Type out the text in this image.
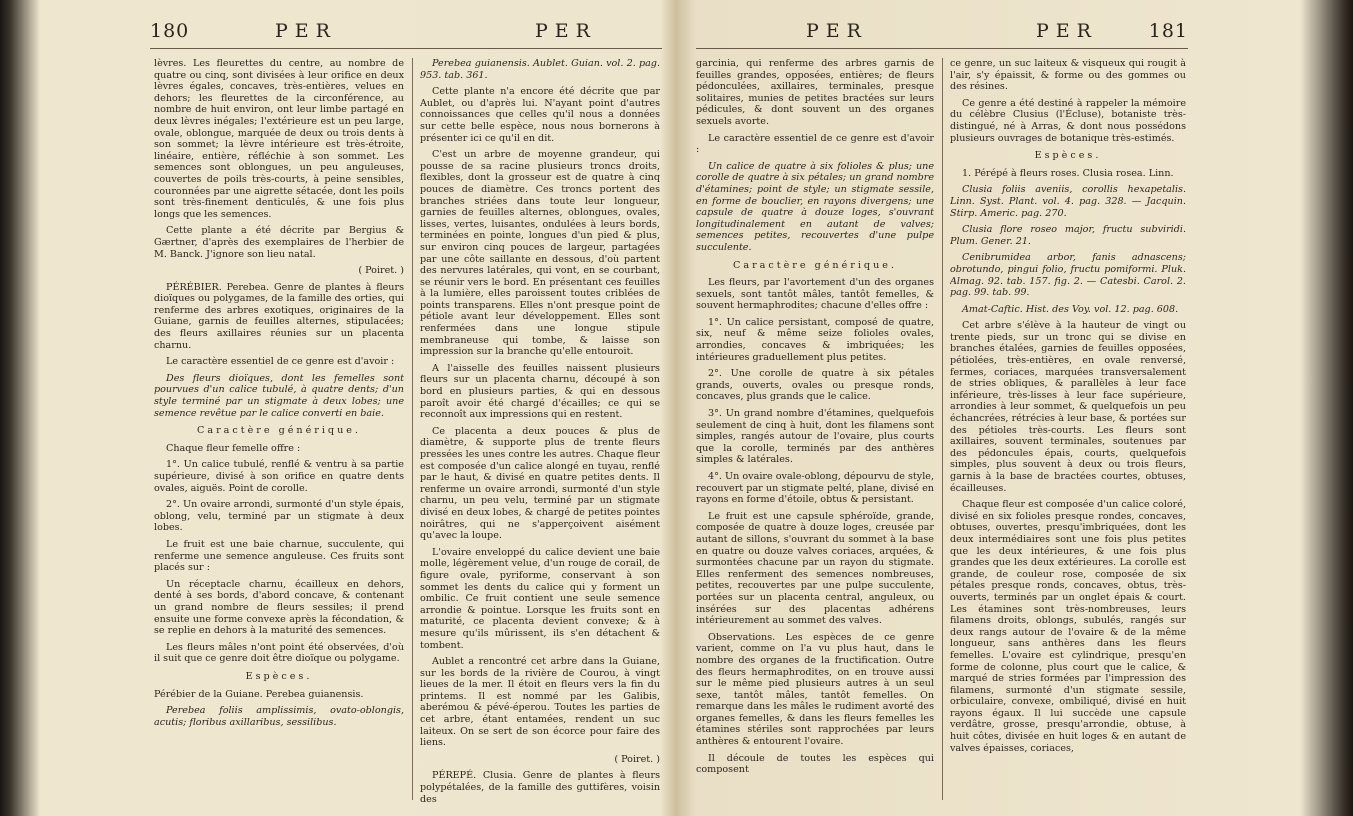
180	PER	PER

lèvres. Les fleurettes du centre, au nombre de quatre ou cinq, sont divisées à leur orifice en deux lèvres égales, concaves, très-entières, velues en dehors; les fleurettes de la circonférence, au nombre de huit environ, ont leur limbe partagé en deux lèvres inégales; l'extérieure est un peu large, ovale, oblongue, marquée de deux ou trois dents à son sommet; la lèvre intérieure est très-étroite, linéaire, entière, réfléchie à son sommet. Les semences sont oblongues, un peu anguleuses, couvertes de poils très-courts, à peine sensibles, couronnées par une aigrette sétacée, dont les poils sont très-finement denticulés, & une fois plus longs que les semences.

Cette plante a été décrite par Bergius & Gærtner, d'après des exemplaires de l'herbier de M. Banck. J'ignore son lieu natal.

( Poiret. )

PÉRÉBIER. Perebea. Genre de plantes à fleurs dioïques ou polygames, de la famille des orties, qui renferme des arbres exotiques, originaires de la Guiane, garnis de feuilles alternes, stipulacées; des fleurs axillaires réunies sur un placenta charnu.

Le caractère essentiel de ce genre est d'avoir :

Des fleurs dioïques, dont les femelles sont pourvues d'un calice tubulé, à quatre dents; d'un style terminé par un stigmate à deux lobes; une semence revêtue par le calice converti en baie.

Caractère générique.

Chaque fleur femelle offre :

1°. Un calice tubulé, renflé & ventru à sa partie supérieure, divisé à son orifice en quatre dents ovales, aiguës. Point de corolle.

2°. Un ovaire arrondi, surmonté d'un style épais, oblong, velu, terminé par un stigmate à deux lobes.

Le fruit est une baie charnue, succulente, qui renferme une semence anguleuse. Ces fruits sont placés sur :

Un réceptacle charnu, écailleux en dehors, denté à ses bords, d'abord concave, & contenant un grand nombre de fleurs sessiles; il prend ensuite une forme convexe après la fécondation, & se replie en dehors à la maturité des semences.

Les fleurs mâles n'ont point été observées, d'où il suit que ce genre doit être dioïque ou polygame.

Espèces.

Pérébier de la Guiane. Perebea guianensis.

Perebea foliis amplissimis, ovato-oblongis, acutis; floribus axillaribus, sessilibus.

Perebea guianensis. Aublet. Guian. vol. 2. pag. 953. tab. 361.

Cette plante n'a encore été décrite que par Aublet, ou d'après lui. N'ayant point d'autres connoissances que celles qu'il nous a données sur cette belle espèce, nous nous bornerons à présenter ici ce qu'il en dit.

C'est un arbre de moyenne grandeur, qui pousse de sa racine plusieurs troncs droits, flexibles, dont la grosseur est de quatre à cinq pouces de diamètre. Ces troncs portent des branches striées dans toute leur longueur, garnies de feuilles alternes, oblongues, ovales, lisses, vertes, luisantes, ondulées à leurs bords, terminées en pointe, longues d'un pied & plus, sur environ cinq pouces de largeur, partagées par une côte saillante en dessous, d'où partent des nervures latérales, qui vont, en se courbant, se réunir vers le bord. En présentant ces feuilles à la lumière, elles paroissent toutes criblées de points transparens. Elles n'ont presque point de pétiole avant leur développement. Elles sont renfermées dans une longue stipule membraneuse qui tombe, & laisse son impression sur la branche qu'elle entouroit.

A l'aisselle des feuilles naissent plusieurs fleurs sur un placenta charnu, découpé à son bord en plusieurs parties, & qui en dessous paroît avoir été chargé d'écailles; ce qui se reconnoît aux impressions qui en restent.

Ce placenta a deux pouces & plus de diamètre, & supporte plus de trente fleurs pressées les unes contre les autres. Chaque fleur est composée d'un calice alongé en tuyau, renflé par le haut, & divisé en quatre petites dents. Il renferme un ovaire arrondi, surmonté d'un style charnu, un peu velu, terminé par un stigmate divisé en deux lobes, & chargé de petites pointes noirâtres, qui ne s'apperçoivent aisément qu'avec la loupe.

L'ovaire enveloppé du calice devient une baie molle, légèrement velue, d'un rouge de corail, de figure ovale, pyriforme, conservant à son sommet les dents du calice qui y forment un ombilic. Ce fruit contient une seule semence arrondie & pointue. Lorsque les fruits sont en maturité, ce placenta devient convexe; & à mesure qu'ils mûrissent, ils s'en détachent & tombent.

Aublet a rencontré cet arbre dans la Guiane, sur les bords de la rivière de Courou, à vingt lieues de la mer. Il étoit en fleurs vers la fin du printems. Il est nommé par les Galibis, aberémou & pévé-éperou. Toutes les parties de cet arbre, étant entamées, rendent un suc laiteux. On se sert de son écorce pour faire des liens.

( Poiret. )

PÉREPÉ. Clusia. Genre de plantes à fleurs polypétalées, de la famille des guttifères, voisin des

PER	PER	181

garcinia, qui renferme des arbres garnis de feuilles grandes, opposées, entières; de fleurs pédonculées, axillaires, terminales, presque solitaires, munies de petites bractées sur leurs pédicules, & dont souvent un des organes sexuels avorte.

Le caractère essentiel de ce genre est d'avoir :

Un calice de quatre à six folioles & plus; une corolle de quatre à six pétales; un grand nombre d'étamines; point de style; un stigmate sessile, en forme de bouclier, en rayons divergens; une capsule de quatre à douze loges, s'ouvrant longitudinalement en autant de valves; semences petites, recouvertes d'une pulpe succulente.

Caractère générique.

Les fleurs, par l'avortement d'un des organes sexuels, sont tantôt mâles, tantôt femelles, & souvent hermaphrodites; chacune d'elles offre :

1°. Un calice persistant, composé de quatre, six, neuf & même seize folioles ovales, arrondies, concaves & imbriquées; les intérieures graduellement plus petites.

2°. Une corolle de quatre à six pétales grands, ouverts, ovales ou presque ronds, concaves, plus grands que le calice.

3°. Un grand nombre d'étamines, quelquefois seulement de cinq à huit, dont les filamens sont simples, rangés autour de l'ovaire, plus courts que la corolle, terminés par des anthères simples & latérales.

4°. Un ovaire ovale-oblong, dépourvu de style, recouvert par un stigmate pelté, plane, divisé en rayons en forme d'étoile, obtus & persistant.

Le fruit est une capsule sphéroïde, grande, composée de quatre à douze loges, creusée par autant de sillons, s'ouvrant du sommet à la base en quatre ou douze valves coriaces, arquées, & surmontées chacune par un rayon du stigmate. Elles renferment des semences nombreuses, petites, recouvertes par une pulpe succulente, portées sur un placenta central, anguleux, ou insérées sur des placentas adhérens intérieurement au sommet des valves.

Observations. Les espèces de ce genre varient, comme on l'a vu plus haut, dans le nombre des organes de la fructification. Outre des fleurs hermaphrodites, on en trouve aussi sur le même pied plusieurs autres à un seul sexe, tantôt mâles, tantôt femelles. On remarque dans les mâles le rudiment avorté des organes femelles, & dans les fleurs femelles les étamines stériles sont rapprochées par leurs anthères & entourent l'ovaire.

Il découle de toutes les espèces qui composent

ce genre, un suc laiteux & visqueux qui rougit à l'air, s'y épaissit, & forme ou des gommes ou des résines.

Ce genre a été destiné à rappeler la mémoire du célèbre Clusius (l'Écluse), botaniste très-distingué, né à Arras, & dont nous possédons plusieurs ouvrages de botanique très-estimés.

Espèces.

1. Pérépé à fleurs roses. Clusia rosea. Linn.

Clusia foliis aveniis, corollis hexapetalis. Linn. Syst. Plant. vol. 4. pag. 328. — Jacquin. Stirp. Americ. pag. 270.

Clusia flore roseo major, fructu subviridi. Plum. Gener. 21.

Cenibrumidea arbor, fanis adnascens; obrotundo, pingui folio, fructu pomiformi. Pluk. Almag. 92. tab. 157. fig. 2. — Catesbi. Carol. 2. pag. 99. tab. 99.

Amat-Caftic. Hist. des Voy. vol. 12. pag. 608.

Cet arbre s'élève à la hauteur de vingt ou trente pieds, sur un tronc qui se divise en branches étalées, garnies de feuilles opposées, pétiolées, très-entières, en ovale renversé, fermes, coriaces, marquées transversalement de stries obliques, & parallèles à leur face inférieure, très-lisses à leur face supérieure, arrondies à leur sommet, & quelquefois un peu échancrées, rétrécies à leur base, & portées sur des pétioles très-courts. Les fleurs sont axillaires, souvent terminales, soutenues par des pédoncules épais, courts, quelquefois simples, plus souvent à deux ou trois fleurs, garnis à la base de bractées courtes, obtuses, écailleuses.

Chaque fleur est composée d'un calice coloré, divisé en six folioles presque rondes, concaves, obtuses, ouvertes, presqu'imbriquées, dont les deux intermédiaires sont une fois plus petites que les deux intérieures, & une fois plus grandes que les deux extérieures. La corolle est grande, de couleur rose, composée de six pétales presque ronds, concaves, obtus, très-ouverts, terminés par un onglet épais & court. Les étamines sont très-nombreuses, leurs filamens droits, oblongs, subulés, rangés sur deux rangs autour de l'ovaire & de la même longueur, sans anthères dans les fleurs femelles. L'ovaire est cylindrique, presqu'en forme de colonne, plus court que le calice, & marqué de stries formées par l'impression des filamens, surmonté d'un stigmate sessile, orbiculaire, convexe, ombiliqué, divisé en huit rayons égaux. Il lui succède une capsule verdâtre, grosse, presqu'arrondie, obtuse, à huit côtes, divisée en huit loges & en autant de valves épaisses, coriaces,
